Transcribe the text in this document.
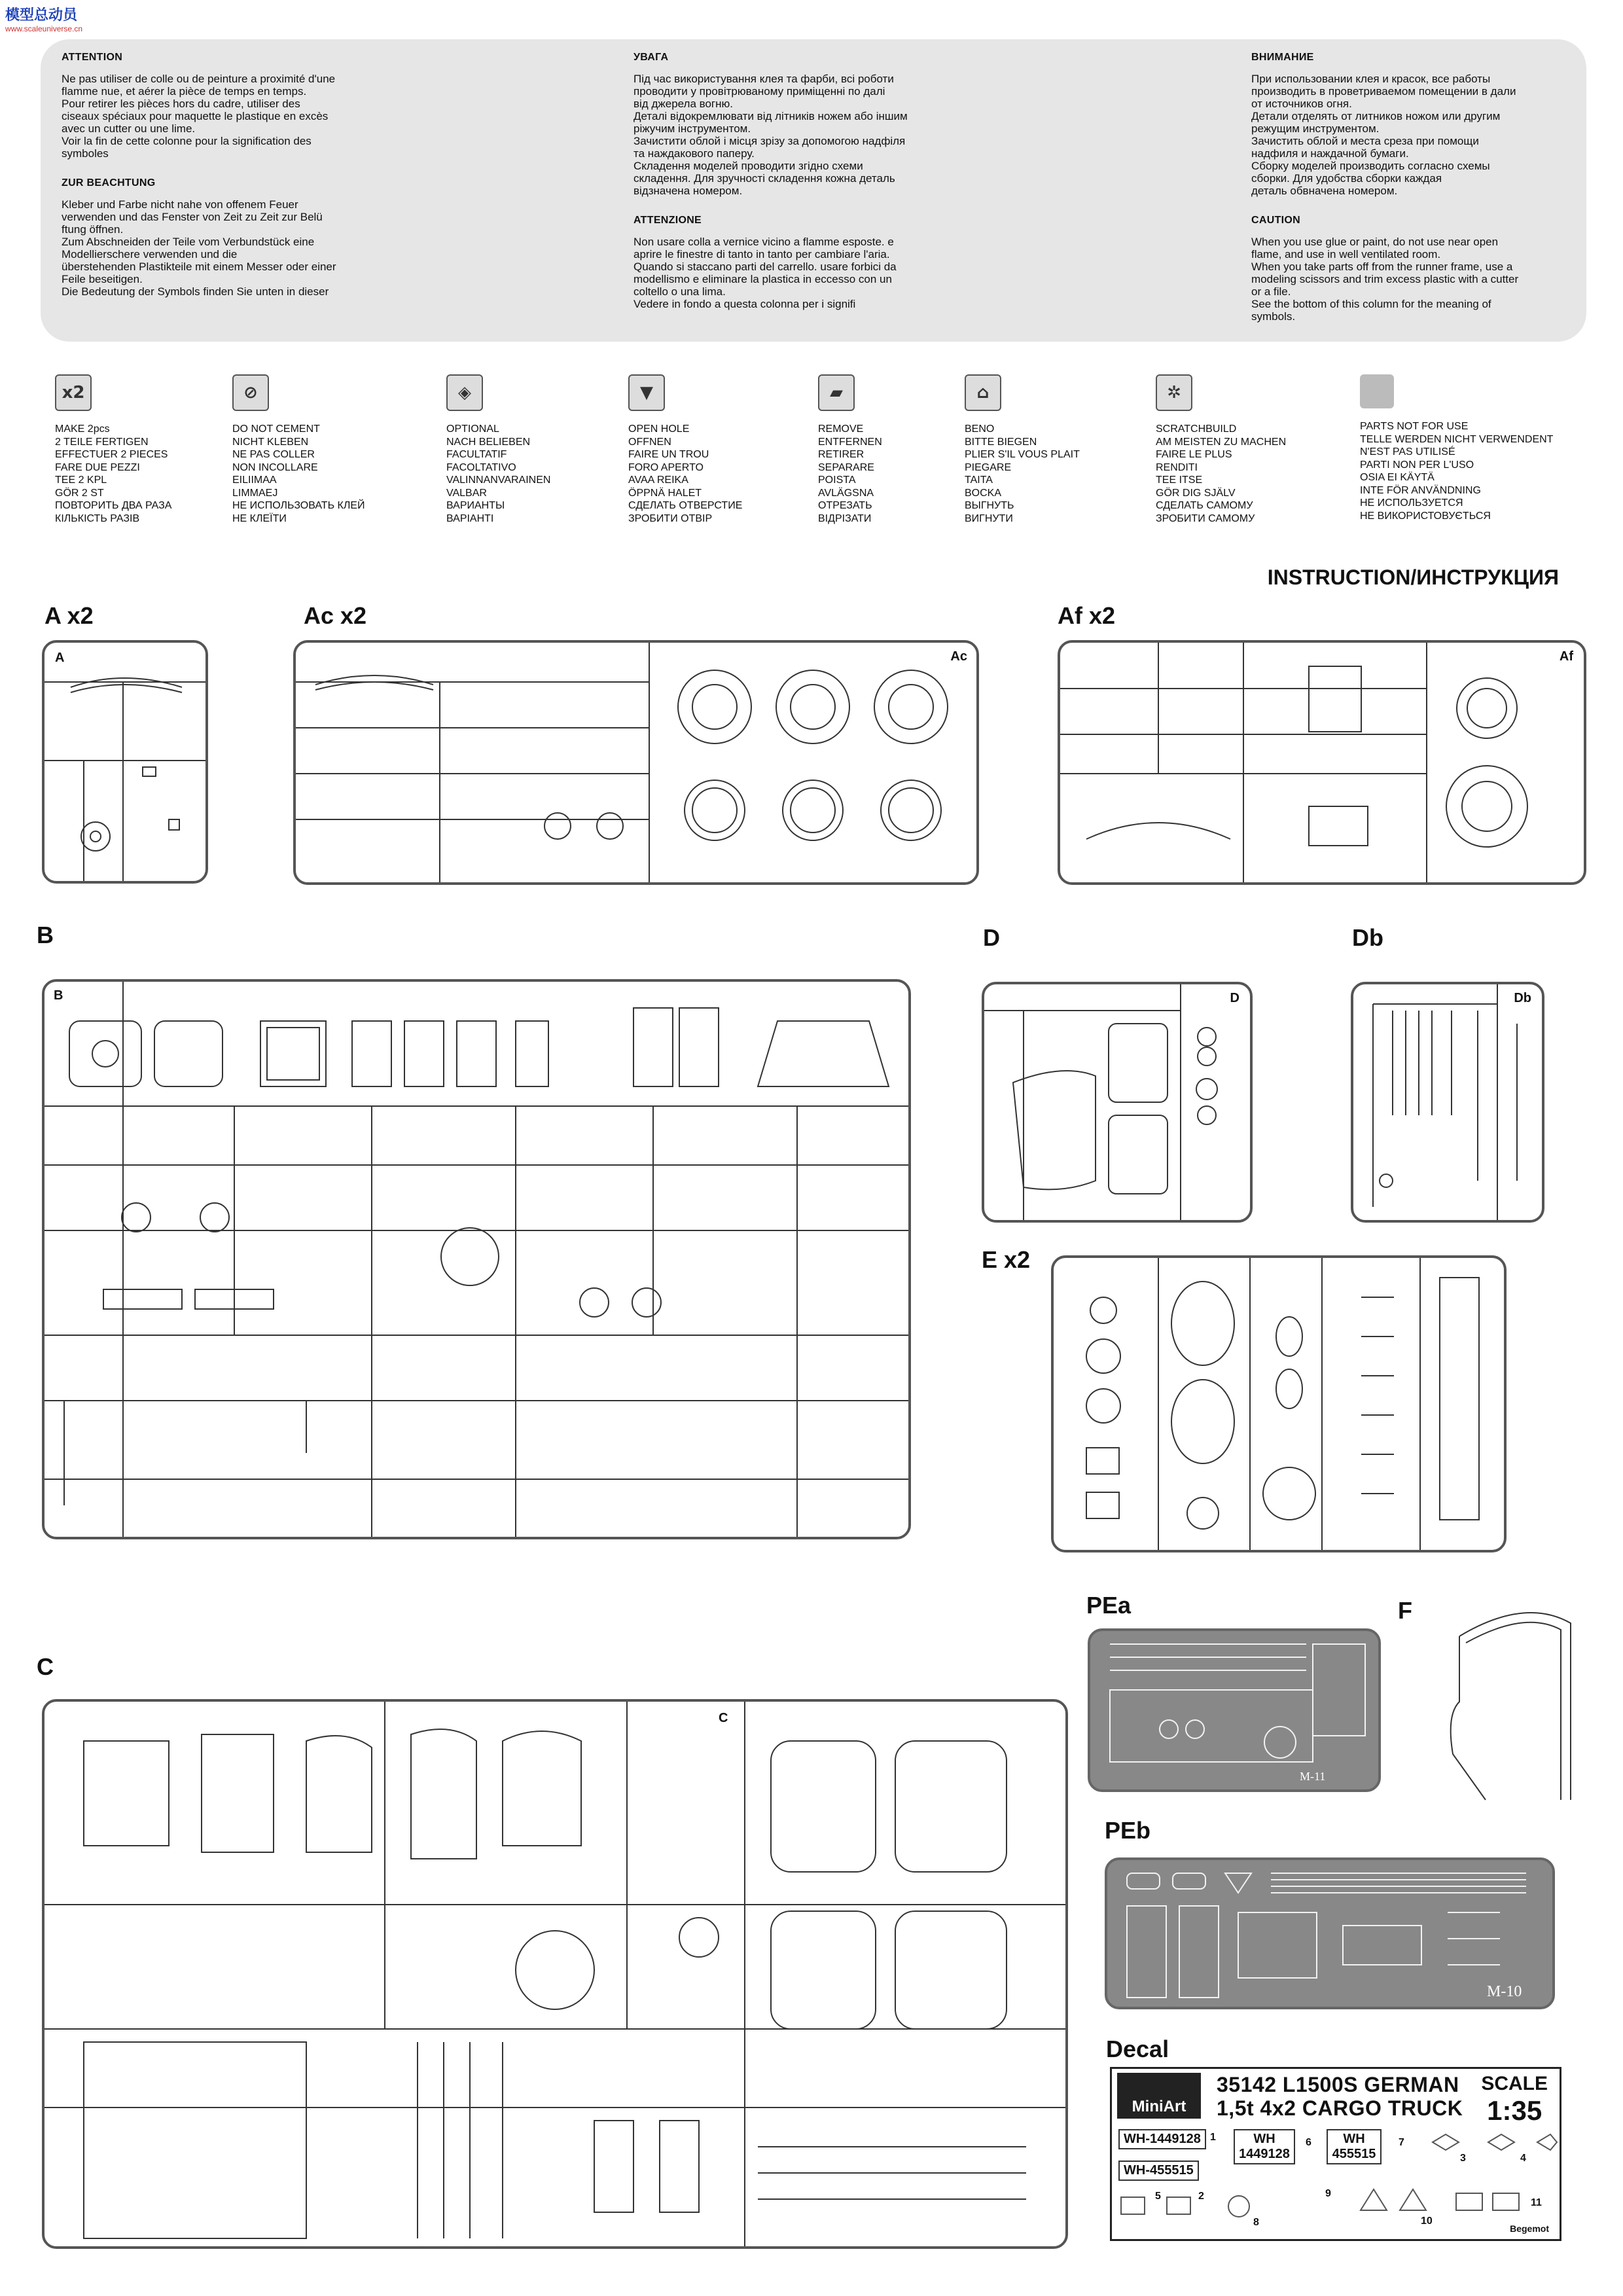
模型总动员
www.scaleuniverse.cn
ATTENTION
Ne pas utiliser de colle ou de peinture a proximité d'une
flamme nue, et aérer la pièce de temps en temps.
Pour retirer les pièces hors du cadre, utiliser des
ciseaux spéciaux pour maquette le plastique en excès
avec un cutter ou une lime.
Voir la fin de cette colonne pour la signification des
symboles
ZUR BEACHTUNG
Kleber und Farbe nicht nahe von offenem Feuer
verwenden und das Fenster von Zeit zu Zeit zur Belü
ftung öffnen.
Zum Abschneiden der Teile vom Verbundstück eine
Modellierschere verwenden und die
überstehenden Plastikteile mit einem Messer oder einer
Feile beseitigen.
Die Bedeutung der Symbols finden Sie unten in dieser
УВАГА
Під час використування клея та фарби, всі роботи
проводити у провітрюваному приміщенні по далі
від джерела вогню.
Деталі відокремлювати від літників ножем або іншим
ріжучим інструментом.
Зачистити облой і місця зрізу за допомогою надфіля
та наждакового паперу.
Складення моделей проводити згідно схеми
складення. Для зручності складення кожна деталь
відзначена номером.
ATTENZIONE
Non usare colla a vernice vicino a flamme esposte. e
aprire le finestre di tanto in tanto per cambiare l'aria.
Quando si staccano parti del carrello. usare forbici da
modellismo e eliminare la plastica in eccesso con un
coltello o una lima.
Vedere in fondo a questa colonna per i signifi
ВНИМАНИЕ
При использовании клея и красок, все работы
производить в проветриваемом помещении в дали
от источников огня.
Детали отделять от литников ножом или другим
режущим инструментом.
Зачистить облой и места среза при помощи
надфиля и наждачной бумаги.
Сборку моделей производить согласно схемы
сборки. Для удобства сборки каждая
деталь обвначена номером.
CAUTION
When you use glue or paint, do not use near open
flame, and use in well ventilated room.
When you take parts off from the runner frame, use a
modeling scissors and trim excess plastic with a cutter
or a file.
See the bottom of this column for the meaning of
symbols.
x2
MAKE 2pcs
2 TEILE FERTIGEN
EFFECTUER 2 PIECES
FARE DUE PEZZI
TEE 2 KPL
GÖR 2 ST
ПОВТОРИТЬ ДВА РАЗА
КІЛЬКІСТЬ РАЗІВ
⊘
DO NOT CEMENT
NICHT KLEBEN
NE PAS COLLER
NON INCOLLARE
EILIIMAA
LIMMAEJ
НЕ ИСПОЛЬЗОВАТЬ КЛЕЙ
НЕ КЛЕЇТИ
◈
OPTIONAL
NACH BELIEBEN
FACULTATIF
FACOLTATIVO
VALINNANVARAINEN
VALBAR
ВАРИАНТЫ
ВАРІАНТІ
▼
OPEN HOLE
OFFNEN
FAIRE UN TROU
FORO APERTO
AVAA REIKA
ÖPPNÄ HALET
СДЕЛАТЬ ОТВЕРСТИЕ
ЗРОБИТИ ОТВІР
▰
REMOVE
ENTFERNEN
RETIRER
SEPARARE
POISTA
AVLÄGSNA
ОТРЕЗАТЬ
ВІДРІЗАТИ
⌂
BENO
BITTE BIEGEN
PLIER S'IL VOUS PLAIT
PIEGARE
TAITA
BOCKA
ВЫГНУТЬ
ВИГНУТИ
✲
SCRATCHBUILD
AM MEISTEN ZU MACHEN
FAIRE LE PLUS
RENDITI
TEE ITSE
GÖR DIG SJÄLV
СДЕЛАТЬ САМОМУ
ЗРОБИТИ САМОМУ
PARTS NOT FOR USE
TELLE WERDEN NICHT VERWENDENT
N'EST PAS UTILISÉ
PARTI NON PER L'USO
OSIA EI KÄYTÄ
INTE FÖR ANVÄNDNING
НЕ ИСПОЛЬЗУЕТСЯ
НЕ ВИКОРИСТОВУЄТЬСЯ
INSTRUCTION/ИНСТРУКЦИЯ
A x2	Ac x2	Af x2
B	D	Db
E x2
PEa	F
C
PEb
Decal
A	Ac	Af
B	D	Db
C
M-11
M-10
MiniArt
35142 L1500S GERMAN
1,5t 4x2 CARGO TRUCK
SCALE
1:35
WH-1449128	WH 1449128
WH 455515
WH-455515
1
2
3	4
5
6	7
8
9
10
11
Begemot
